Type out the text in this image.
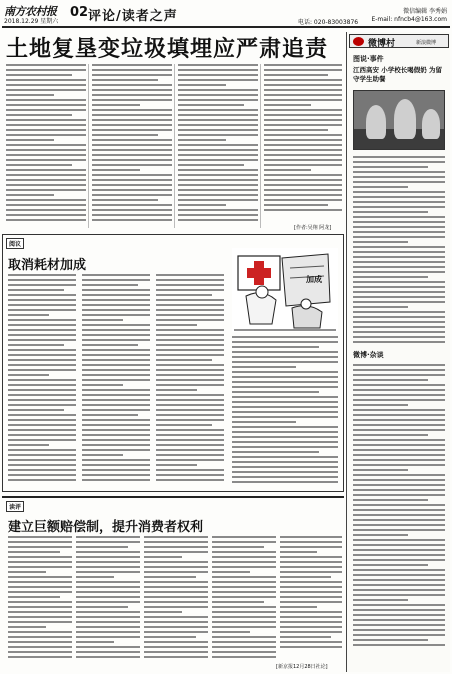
南方农村报
2018.12.29 星期六
02 评论/读者之声	电话: 020-83003876
微信编辑 李秀娟
E-mail: nfncb4@163.com
土地复垦变垃圾填埋应严肃追责
[作者:吴翔 阿龙]
阅议
取消耗材加成
加成
读评
建立巨额赔偿制，提升消费者权利
[新京报12月28日社论]
微博村	新浪微博
图说·事件
江西高安 小学校长喝假奶 为留守学生助餐
微博·杂谈
